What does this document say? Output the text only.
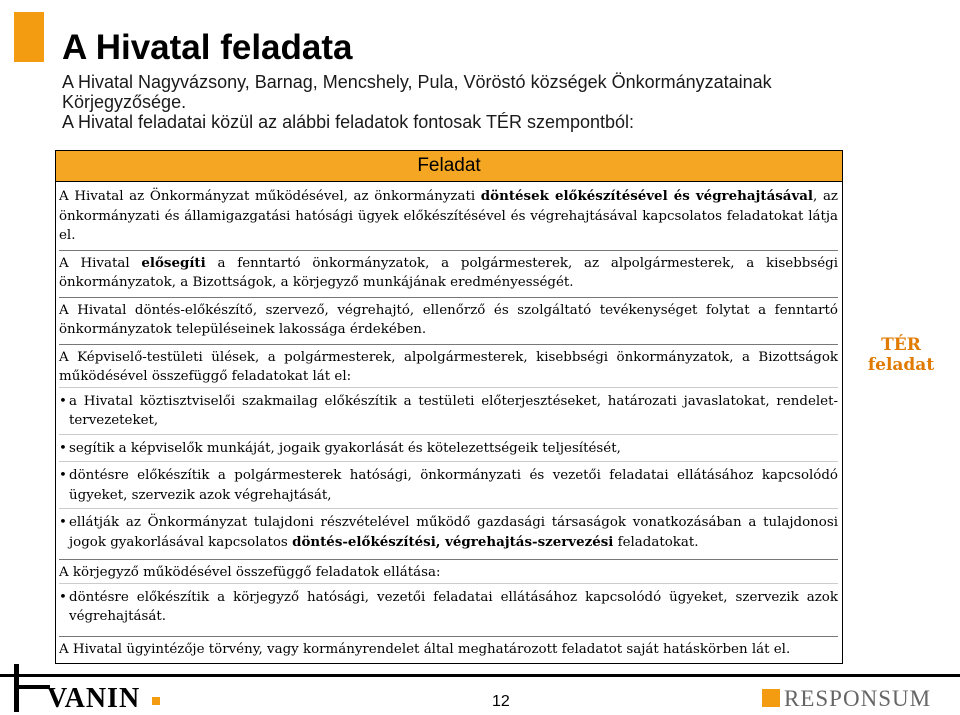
A Hivatal feladata

A Hivatal Nagyvázsony, Barnag, Mencshely, Pula, Vöröstó községek Önkormányzatainak Körjegyzősége.

A Hivatal feladatai közül az alábbi feladatok fontosak TÉR szempontból:

Feladat
A Hivatal az Önkormányzat működésével, az önkormányzati döntések előkészítésével és végrehajtásával, az önkormányzati és államigazgatási hatósági ügyek előkészítésével és végrehajtásával kapcsolatos feladatokat látja el.
A Hivatal elősegíti a fenntartó önkormányzatok, a polgármesterek, az alpolgármesterek, a kisebbségi önkormányzatok, a Bizottságok, a körjegyző munkájának eredményességét.
A Hivatal döntés-előkészítő, szervező, végrehajtó, ellenőrző és szolgáltató tevékenységet folytat a fenntartó önkormányzatok településeinek lakossága érdekében.
A Képviselő-testületi ülések, a polgármesterek, alpolgármesterek, kisebbségi önkormányzatok, a Bizottságok működésével összefüggő feladatokat lát el:
• a Hivatal köztisztviselői szakmailag előkészítik a testületi előterjesztéseket, határozati javaslatokat, rendelet-tervezeteket,
• segítik a képviselők munkáját, jogaik gyakorlását és kötelezettségeik teljesítését,
• döntésre előkészítik a polgármesterek hatósági, önkormányzati és vezetői feladatai ellátásához kapcsolódó ügyeket, szervezik azok végrehajtását,
• ellátják az Önkormányzat tulajdoni részvételével működő gazdasági társaságok vonatkozásában a tulajdonosi jogok gyakorlásával kapcsolatos döntés-előkészítési, végrehajtás-szervezési feladatokat.
A körjegyző működésével összefüggő feladatok ellátása:
• döntésre előkészítik a körjegyző hatósági, vezetői feladatai ellátásához kapcsolódó ügyeket, szervezik azok végrehajtását.
A Hivatal ügyintézője törvény, vagy kormányrendelet által meghatározott feladatot saját hatáskörben lát el.
TÉR
feladat
VANIN	12	RESPONSUM
